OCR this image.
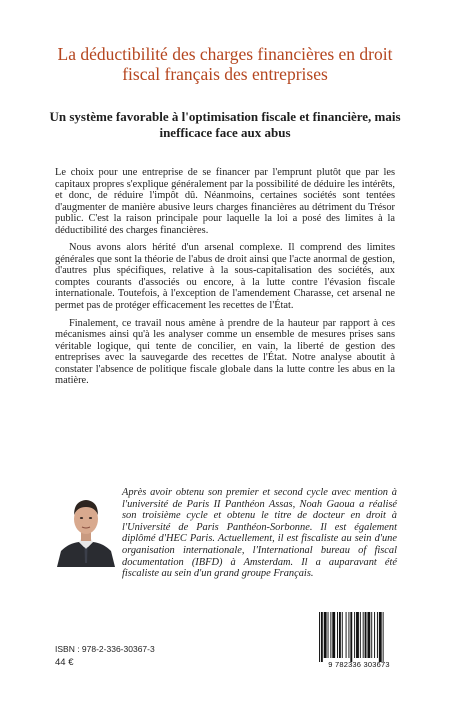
La déductibilité des charges financières en droit fiscal français des entreprises
Un système favorable à l'optimisation fiscale et financière, mais inefficace face aux abus

Le choix pour une entreprise de se financer par l'emprunt plutôt que par les capitaux propres s'explique généralement par la possibilité de déduire les intérêts, et donc, de réduire l'impôt dû. Néanmoins, certaines sociétés sont tentées d'augmenter de manière abusive leurs charges financières au détriment du Trésor public. C'est la raison principale pour laquelle la loi a posé des limites à la déductibilité des charges financières.

Nous avons alors hérité d'un arsenal complexe. Il comprend des limites générales que sont la théorie de l'abus de droit ainsi que l'acte anormal de gestion, d'autres plus spécifiques, relative à la sous-capitalisation des sociétés, aux comptes courants d'associés ou encore, à la lutte contre l'évasion fiscale internationale. Toutefois, à l'exception de l'amendement Charasse, cet arsenal ne permet pas de protéger efficacement les recettes de l'État.

Finalement, ce travail nous amène à prendre de la hauteur par rapport à ces mécanismes ainsi qu'à les analyser comme un ensemble de mesures prises sans véritable logique, qui tente de concilier, en vain, la liberté de gestion des entreprises avec la sauvegarde des recettes de l'État. Notre analyse aboutit à constater l'absence de politique fiscale globale dans la lutte contre les abus en la matière.

Après avoir obtenu son premier et second cycle avec mention à l'université de Paris II Panthéon Assas, Noah Gaoua a réalisé son troisième cycle et obtenu le titre de docteur en droit à l'Université de Paris Panthéon-Sorbonne. Il est également diplômé d'HEC Paris. Actuellement, il est fiscaliste au sein d'une organisation internationale, l'International bureau of fiscal documentation (IBFD) à Amsterdam. Il a auparavant été fiscaliste au sein d'un grand groupe Français.
ISBN : 978-2-336-30367-3
44 €	9 782336 303673
